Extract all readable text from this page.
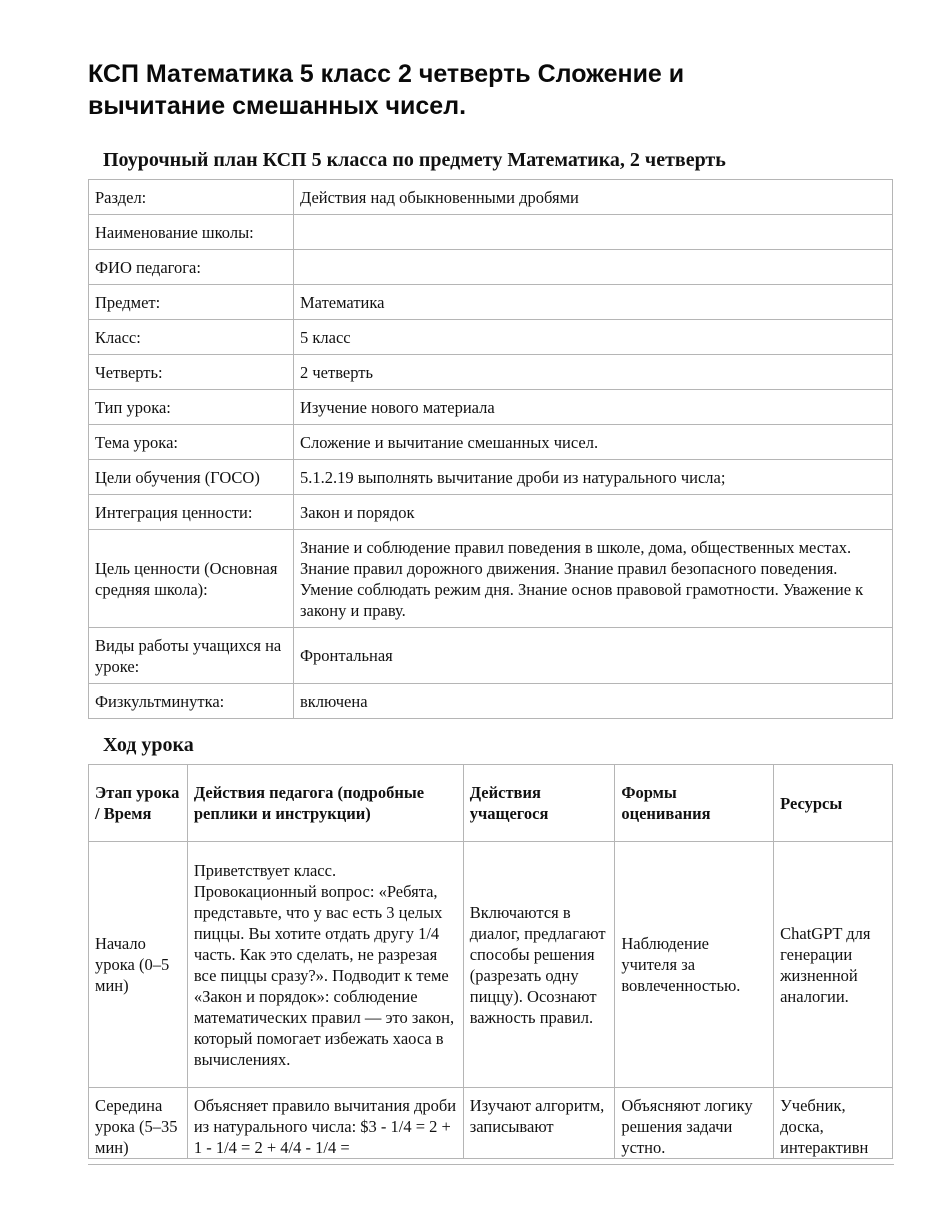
КСП Математика 5 класс 2 четверть Сложение и вычитание смешанных чисел.
Поурочный план КСП 5 класса по предмету Математика, 2 четверть
Раздел:	Действия над обыкновенными дробями
Наименование школы:	
ФИО педагога:	
Предмет:	Математика
Класс:	5 класс
Четверть:	2 четверть
Тип урока:	Изучение нового материала
Тема урока:	Сложение и вычитание смешанных чисел.
Цели обучения (ГОСО)	5.1.2.19 выполнять вычитание дроби из натурального числа;
Интеграция ценности:	Закон и порядок
Цель ценности (Основная средняя школа):	Знание и соблюдение правил поведения в школе, дома, общественных местах. Знание правил дорожного движения. Знание правил безопасного поведения. Умение соблюдать режим дня. Знание основ правовой грамотности. Уважение к закону и праву.
Виды работы учащихся на уроке:	Фронтальная
Физкультминутка:	включена
Ход урока
Этап урока / Время	Действия педагога (подробные реплики и инструкции)	Действия учащегося	Формы оценивания	Ресурсы
Начало урока (0–5 мин)	Приветствует класс. Провокационный вопрос: «Ребята, представьте, что у вас есть 3 целых пиццы. Вы хотите отдать другу 1/4 часть. Как это сделать, не разрезая все пиццы сразу?». Подводит к теме «Закон и порядок»: соблюдение математических правил — это закон, который помогает избежать хаоса в вычислениях.	Включаются в диалог, предлагают способы решения (разрезать одну пиццу). Осознают важность правил.	Наблюдение учителя за вовлеченностью.	ChatGPT для генерации жизненной аналогии.
Середина урока (5–35 мин)	Объясняет правило вычитания дроби из натурального числа: $3 - 1/4 = 2 + 1 - 1/4 = 2 + 4/4 - 1/4 =	Изучают алгоритм, записывают	Объясняют логику решения задачи устно.	Учебник, доска, интерактивн
